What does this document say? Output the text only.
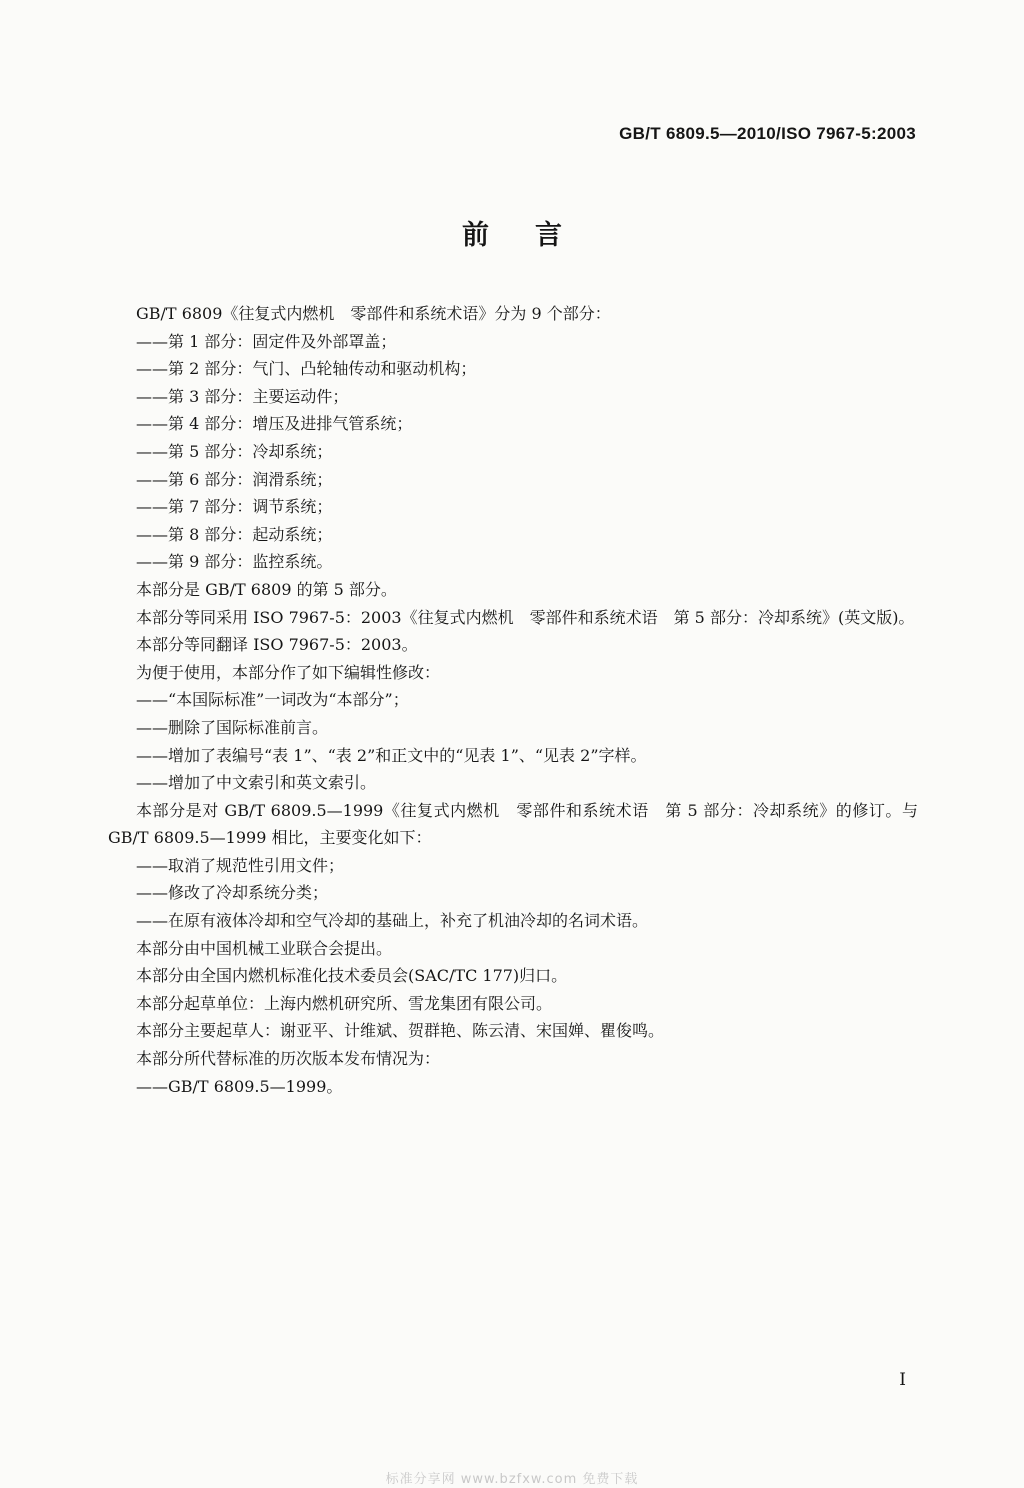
GB/T 6809.5—2010/ISO 7967-5:2003
前言

GB/T 6809《往复式内燃机　零部件和系统术语》分为 9 个部分：

——第 1 部分：固定件及外部罩盖；

——第 2 部分：气门、凸轮轴传动和驱动机构；

——第 3 部分：主要运动件；

——第 4 部分：增压及进排气管系统；

——第 5 部分：冷却系统；

——第 6 部分：润滑系统；

——第 7 部分：调节系统；

——第 8 部分：起动系统；

——第 9 部分：监控系统。

本部分是 GB/T 6809 的第 5 部分。

本部分等同采用 ISO 7967-5：2003《往复式内燃机　零部件和系统术语　第 5 部分：冷却系统》(英文版)。

本部分等同翻译 ISO 7967-5：2003。

为便于使用，本部分作了如下编辑性修改：

——“本国际标准”一词改为“本部分”；

——删除了国际标准前言。

——增加了表编号“表 1”、“表 2”和正文中的“见表 1”、“见表 2”字样。

——增加了中文索引和英文索引。

本部分是对 GB/T 6809.5—1999《往复式内燃机　零部件和系统术语　第 5 部分：冷却系统》的修订。与 GB/T 6809.5—1999 相比，主要变化如下：

——取消了规范性引用文件；

——修改了冷却系统分类；

——在原有液体冷却和空气冷却的基础上，补充了机油冷却的名词术语。

本部分由中国机械工业联合会提出。

本部分由全国内燃机标准化技术委员会(SAC/TC 177)归口。

本部分起草单位：上海内燃机研究所、雪龙集团有限公司。

本部分主要起草人：谢亚平、计维斌、贺群艳、陈云清、宋国婵、瞿俊鸣。

本部分所代替标准的历次版本发布情况为：

——GB/T 6809.5—1999。

I
标准分享网 www.bzfxw.com 免费下载
